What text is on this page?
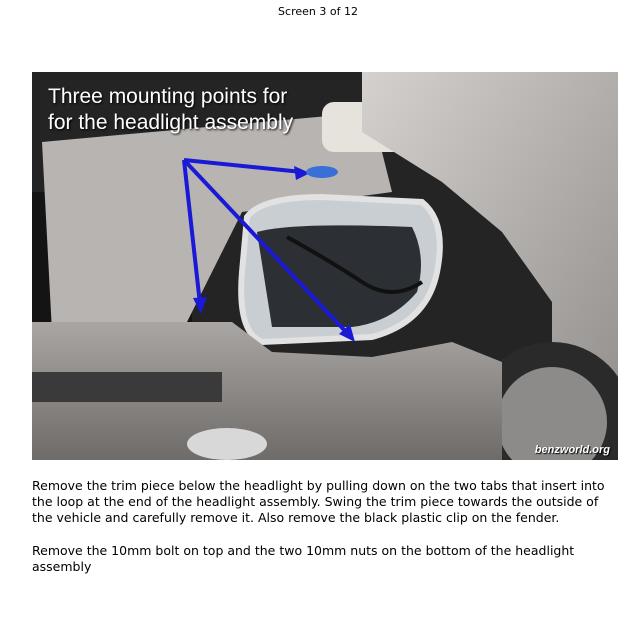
Screen 3 of 12
Three mounting points for
for the headlight assembly
benzworld.org

Remove the trim piece below the headlight by pulling down on the two tabs that insert into the loop at the end of the headlight assembly. Swing the trim piece towards the outside of the vehicle and carefully remove it. Also remove the black plastic clip on the fender.

Remove the 10mm bolt on top and the two 10mm nuts on the bottom of the headlight assembly
